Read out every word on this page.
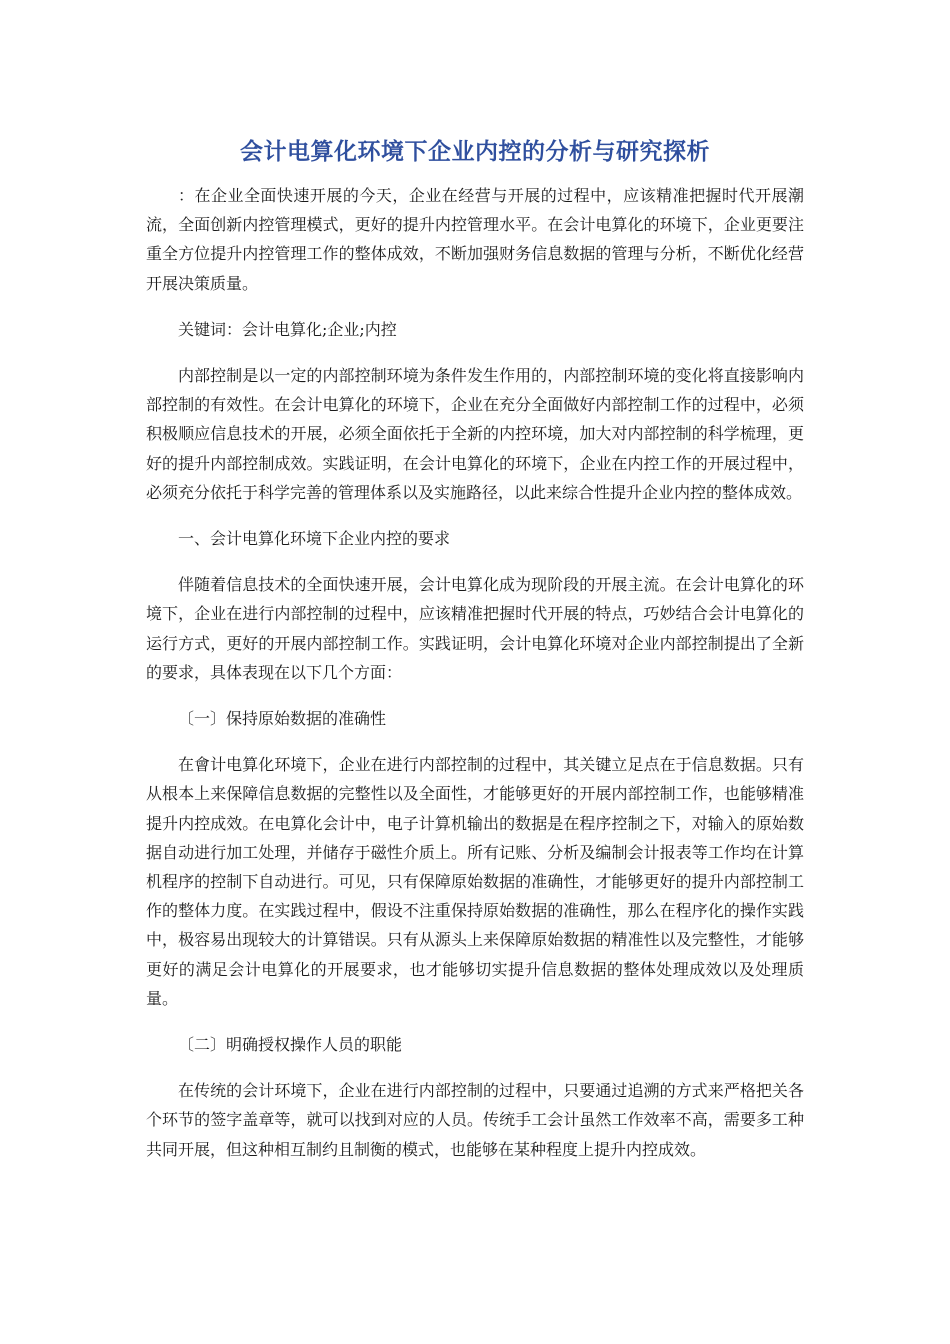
会计电算化环境下企业内控的分析与研究探析

：在企业全面快速开展的今天，企业在经营与开展的过程中，应该精准把握时代开展潮流，全面创新内控管理模式，更好的提升内控管理水平。在会计电算化的环境下，企业更要注重全方位提升内控管理工作的整体成效，不断加强财务信息数据的管理与分析，不断优化经营开展决策质量。

关键词：会计电算化;企业;内控

内部控制是以一定的内部控制环境为条件发生作用的，内部控制环境的变化将直接影响内部控制的有效性。在会计电算化的环境下，企业在充分全面做好内部控制工作的过程中，必须积极顺应信息技术的开展，必须全面依托于全新的内控环境，加大对内部控制的科学梳理，更好的提升内部控制成效。实践证明，在会计电算化的环境下，企业在内控工作的开展过程中，必须充分依托于科学完善的管理体系以及实施路径，以此来综合性提升企业内控的整体成效。

一、会计电算化环境下企业内控的要求

伴随着信息技术的全面快速开展，会计电算化成为现阶段的开展主流。在会计电算化的环境下，企业在进行内部控制的过程中，应该精准把握时代开展的特点，巧妙结合会计电算化的运行方式，更好的开展内部控制工作。实践证明，会计电算化环境对企业内部控制提出了全新的要求，具体表现在以下几个方面：

〔一〕保持原始数据的准确性

在會计电算化环境下，企业在进行内部控制的过程中，其关键立足点在于信息数据。只有从根本上来保障信息数据的完整性以及全面性，才能够更好的开展内部控制工作，也能够精准提升内控成效。在电算化会计中，电子计算机输出的数据是在程序控制之下，对输入的原始数据自动进行加工处理，并储存于磁性介质上。所有记账、分析及编制会计报表等工作均在计算机程序的控制下自动进行。可见，只有保障原始数据的准确性，才能够更好的提升内部控制工作的整体力度。在实践过程中，假设不注重保持原始数据的准确性，那么在程序化的操作实践中，极容易出现较大的计算错误。只有从源头上来保障原始数据的精准性以及完整性，才能够更好的满足会计电算化的开展要求，也才能够切实提升信息数据的整体处理成效以及处理质量。

〔二〕明确授权操作人员的职能

在传统的会计环境下，企业在进行内部控制的过程中，只要通过追溯的方式来严格把关各个环节的签字盖章等，就可以找到对应的人员。传统手工会计虽然工作效率不高，需要多工种共同开展，但这种相互制约且制衡的模式，也能够在某种程度上提升内控成效。
